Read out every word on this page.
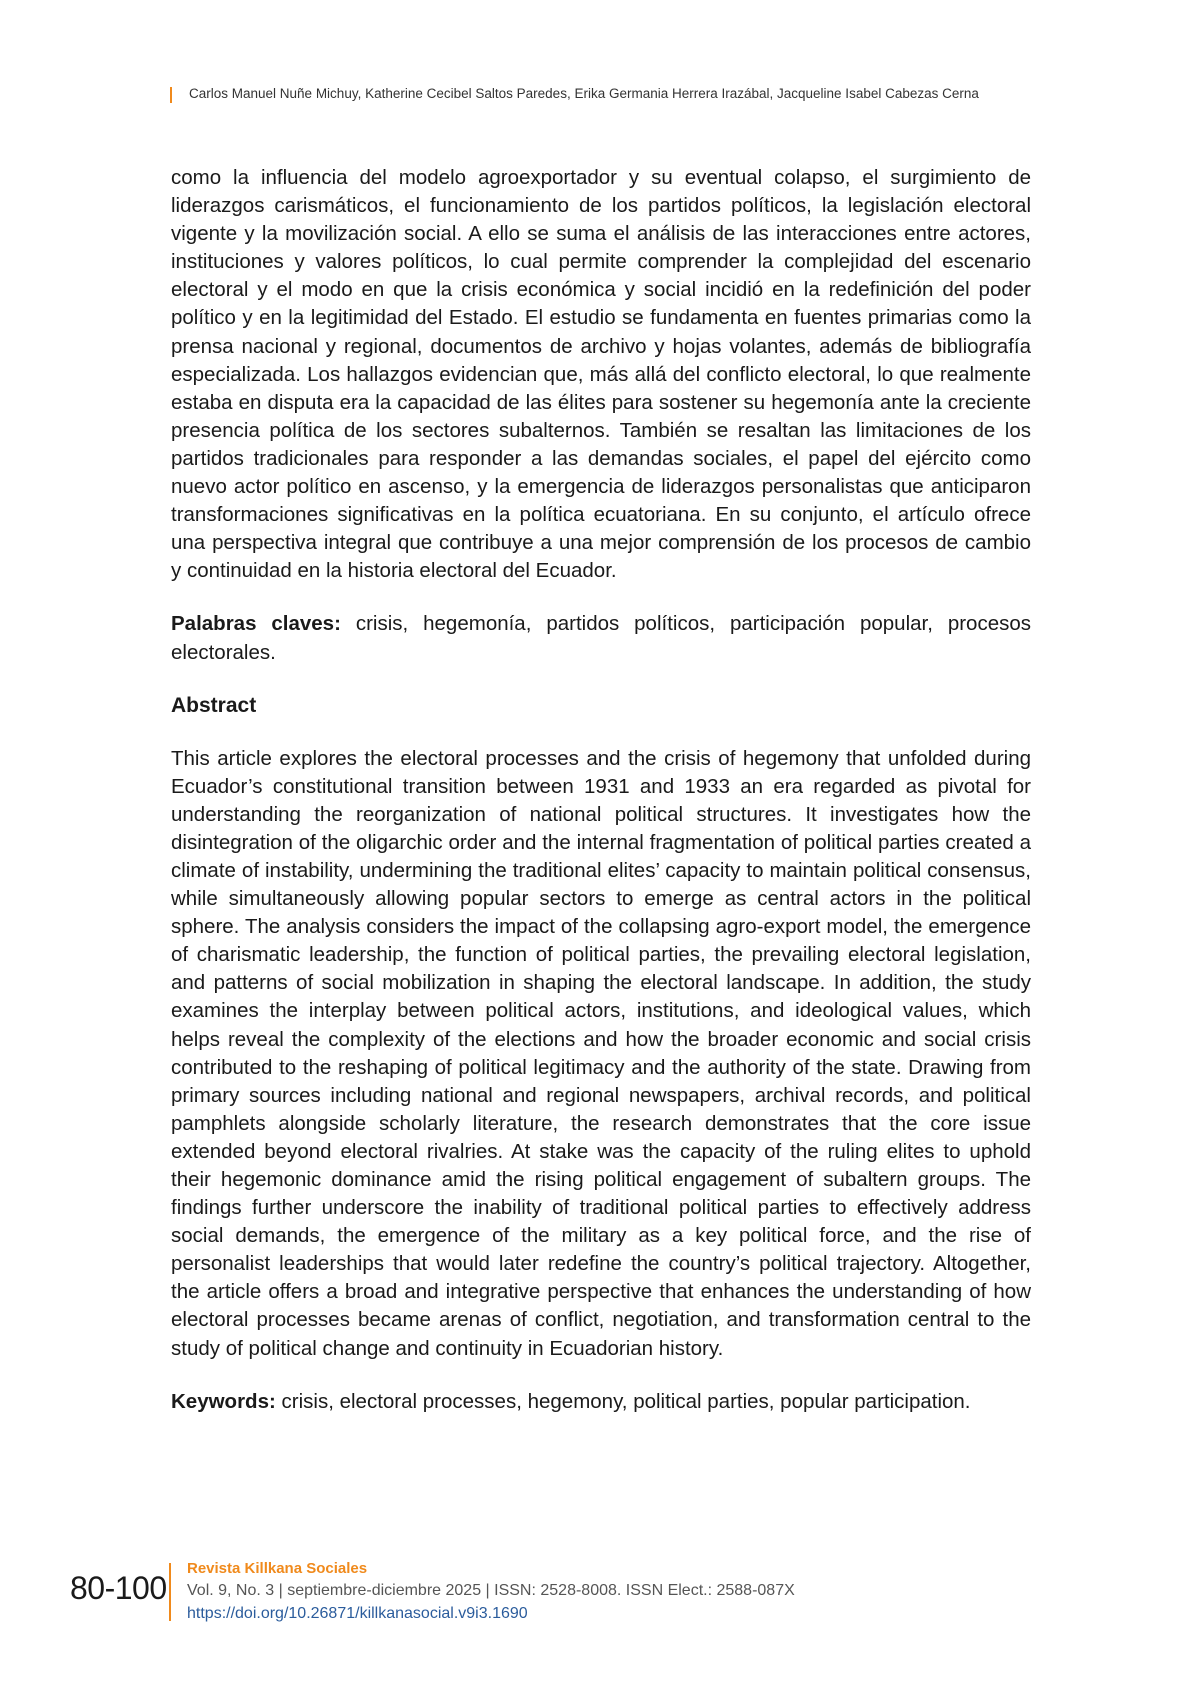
Carlos Manuel Nuñe Michuy, Katherine Cecibel Saltos Paredes, Erika Germania Herrera Irazábal, Jacqueline Isabel Cabezas Cerna

como la influencia del modelo agroexportador y su eventual colapso, el surgimiento de liderazgos carismáticos, el funcionamiento de los partidos políticos, la legislación electoral vigente y la movilización social. A ello se suma el análisis de las interacciones entre actores, instituciones y valores políticos, lo cual permite comprender la complejidad del escenario electoral y el modo en que la crisis económica y social incidió en la redefinición del poder político y en la legitimidad del Estado. El estudio se fundamenta en fuentes primarias como la prensa nacional y regional, documentos de archivo y hojas volantes, además de bibliografía especializada. Los hallazgos evidencian que, más allá del conflicto electoral, lo que realmente estaba en disputa era la capacidad de las élites para sostener su hegemonía ante la creciente presencia política de los sectores subalternos. También se resaltan las limitaciones de los partidos tradicionales para responder a las demandas sociales, el papel del ejército como nuevo actor político en ascenso, y la emergencia de liderazgos personalistas que anticiparon transformaciones significativas en la política ecuatoriana. En su conjunto, el artículo ofrece una perspectiva integral que contribuye a una mejor comprensión de los procesos de cambio y continuidad en la historia electoral del Ecuador.

Palabras claves: crisis, hegemonía, partidos políticos, participación popular, procesos electorales.

Abstract

This article explores the electoral processes and the crisis of hegemony that unfolded during Ecuador’s constitutional transition between 1931 and 1933 an era regarded as pivotal for understanding the reorganization of national political structures. It investigates how the disintegration of the oligarchic order and the internal fragmentation of political parties created a climate of instability, undermining the traditional elites’ capacity to maintain political consensus, while simultaneously allowing popular sectors to emerge as central actors in the political sphere. The analysis considers the impact of the collapsing agro-export model, the emergence of charismatic leadership, the function of political parties, the prevailing electoral legislation, and patterns of social mobilization in shaping the electoral landscape. In addition, the study examines the interplay between political actors, institutions, and ideological values, which helps reveal the complexity of the elections and how the broader economic and social crisis contributed to the reshaping of political legitimacy and the authority of the state. Drawing from primary sources including national and regional newspapers, archival records, and political pamphlets alongside scholarly literature, the research demonstrates that the core issue extended beyond electoral rivalries. At stake was the capacity of the ruling elites to uphold their hegemonic dominance amid the rising political engagement of subaltern groups. The findings further underscore the inability of traditional political parties to effectively address social demands, the emergence of the military as a key political force, and the rise of personalist leaderships that would later redefine the country’s political trajectory. Altogether, the article offers a broad and integrative perspective that enhances the understanding of how electoral processes became arenas of conflict, negotiation, and transformation central to the study of political change and continuity in Ecuadorian history.

Keywords: crisis, electoral processes, hegemony, political parties, popular participation.

80-100
Revista Killkana Sociales
Vol. 9, No. 3 | septiembre-diciembre 2025 | ISSN: 2528-8008. ISSN Elect.: 2588-087X
https://doi.org/10.26871/killkanasocial.v9i3.1690
